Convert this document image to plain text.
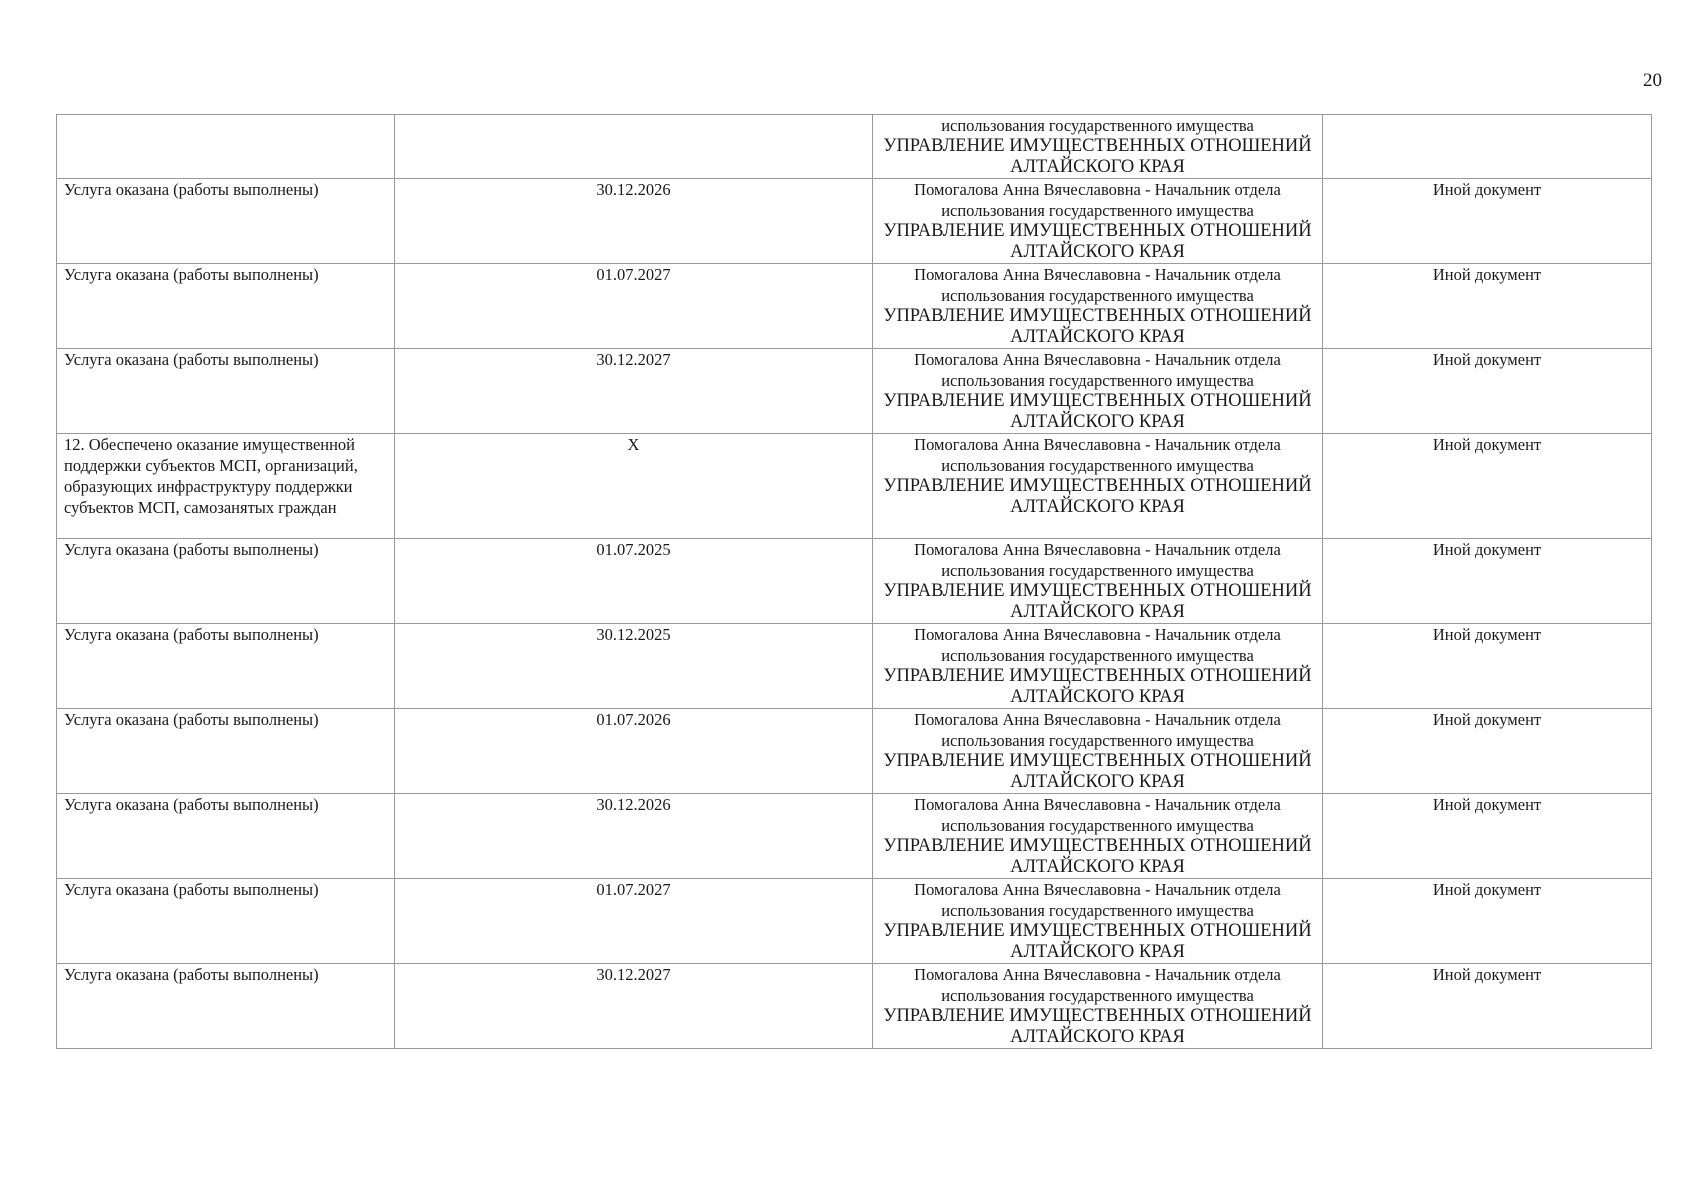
20

		использования государственного имущества
УПРАВЛЕНИЕ ИМУЩЕСТВЕННЫХ ОТНОШЕНИЙ
АЛТАЙСКОГО КРАЯ	

Услуга оказана (работы выполнены)	30.12.2026	Помогалова Анна Вячеславовна - Начальник отдела использования государственного имущества
УПРАВЛЕНИЕ ИМУЩЕСТВЕННЫХ ОТНОШЕНИЙ АЛТАЙСКОГО КРАЯ	Иной документ
Услуга оказана (работы выполнены)	01.07.2027	Помогалова Анна Вячеславовна - Начальник отдела использования государственного имущества
УПРАВЛЕНИЕ ИМУЩЕСТВЕННЫХ ОТНОШЕНИЙ АЛТАЙСКОГО КРАЯ	Иной документ
Услуга оказана (работы выполнены)	30.12.2027	Помогалова Анна Вячеславовна - Начальник отдела использования государственного имущества
УПРАВЛЕНИЕ ИМУЩЕСТВЕННЫХ ОТНОШЕНИЙ АЛТАЙСКОГО КРАЯ	Иной документ
12. Обеспечено оказание имущественной поддержки субъектов МСП, организаций, образующих инфраструктуру поддержки субъектов МСП, самозанятых граждан	X	Помогалова Анна Вячеславовна - Начальник отдела использования государственного имущества
УПРАВЛЕНИЕ ИМУЩЕСТВЕННЫХ ОТНОШЕНИЙ АЛТАЙСКОГО КРАЯ	Иной документ
Услуга оказана (работы выполнены)	01.07.2025	Помогалова Анна Вячеславовна - Начальник отдела использования государственного имущества
УПРАВЛЕНИЕ ИМУЩЕСТВЕННЫХ ОТНОШЕНИЙ АЛТАЙСКОГО КРАЯ	Иной документ
Услуга оказана (работы выполнены)	30.12.2025	Помогалова Анна Вячеславовна - Начальник отдела использования государственного имущества
УПРАВЛЕНИЕ ИМУЩЕСТВЕННЫХ ОТНОШЕНИЙ АЛТАЙСКОГО КРАЯ	Иной документ
Услуга оказана (работы выполнены)	01.07.2026	Помогалова Анна Вячеславовна - Начальник отдела использования государственного имущества
УПРАВЛЕНИЕ ИМУЩЕСТВЕННЫХ ОТНОШЕНИЙ АЛТАЙСКОГО КРАЯ	Иной документ
Услуга оказана (работы выполнены)	30.12.2026	Помогалова Анна Вячеславовна - Начальник отдела использования государственного имущества
УПРАВЛЕНИЕ ИМУЩЕСТВЕННЫХ ОТНОШЕНИЙ АЛТАЙСКОГО КРАЯ	Иной документ
Услуга оказана (работы выполнены)	01.07.2027	Помогалова Анна Вячеславовна - Начальник отдела использования государственного имущества
УПРАВЛЕНИЕ ИМУЩЕСТВЕННЫХ ОТНОШЕНИЙ АЛТАЙСКОГО КРАЯ	Иной документ
Услуга оказана (работы выполнены)	30.12.2027	Помогалова Анна Вячеславовна - Начальник отдела использования государственного имущества
УПРАВЛЕНИЕ ИМУЩЕСТВЕННЫХ ОТНОШЕНИЙ АЛТАЙСКОГО КРАЯ	Иной документ
